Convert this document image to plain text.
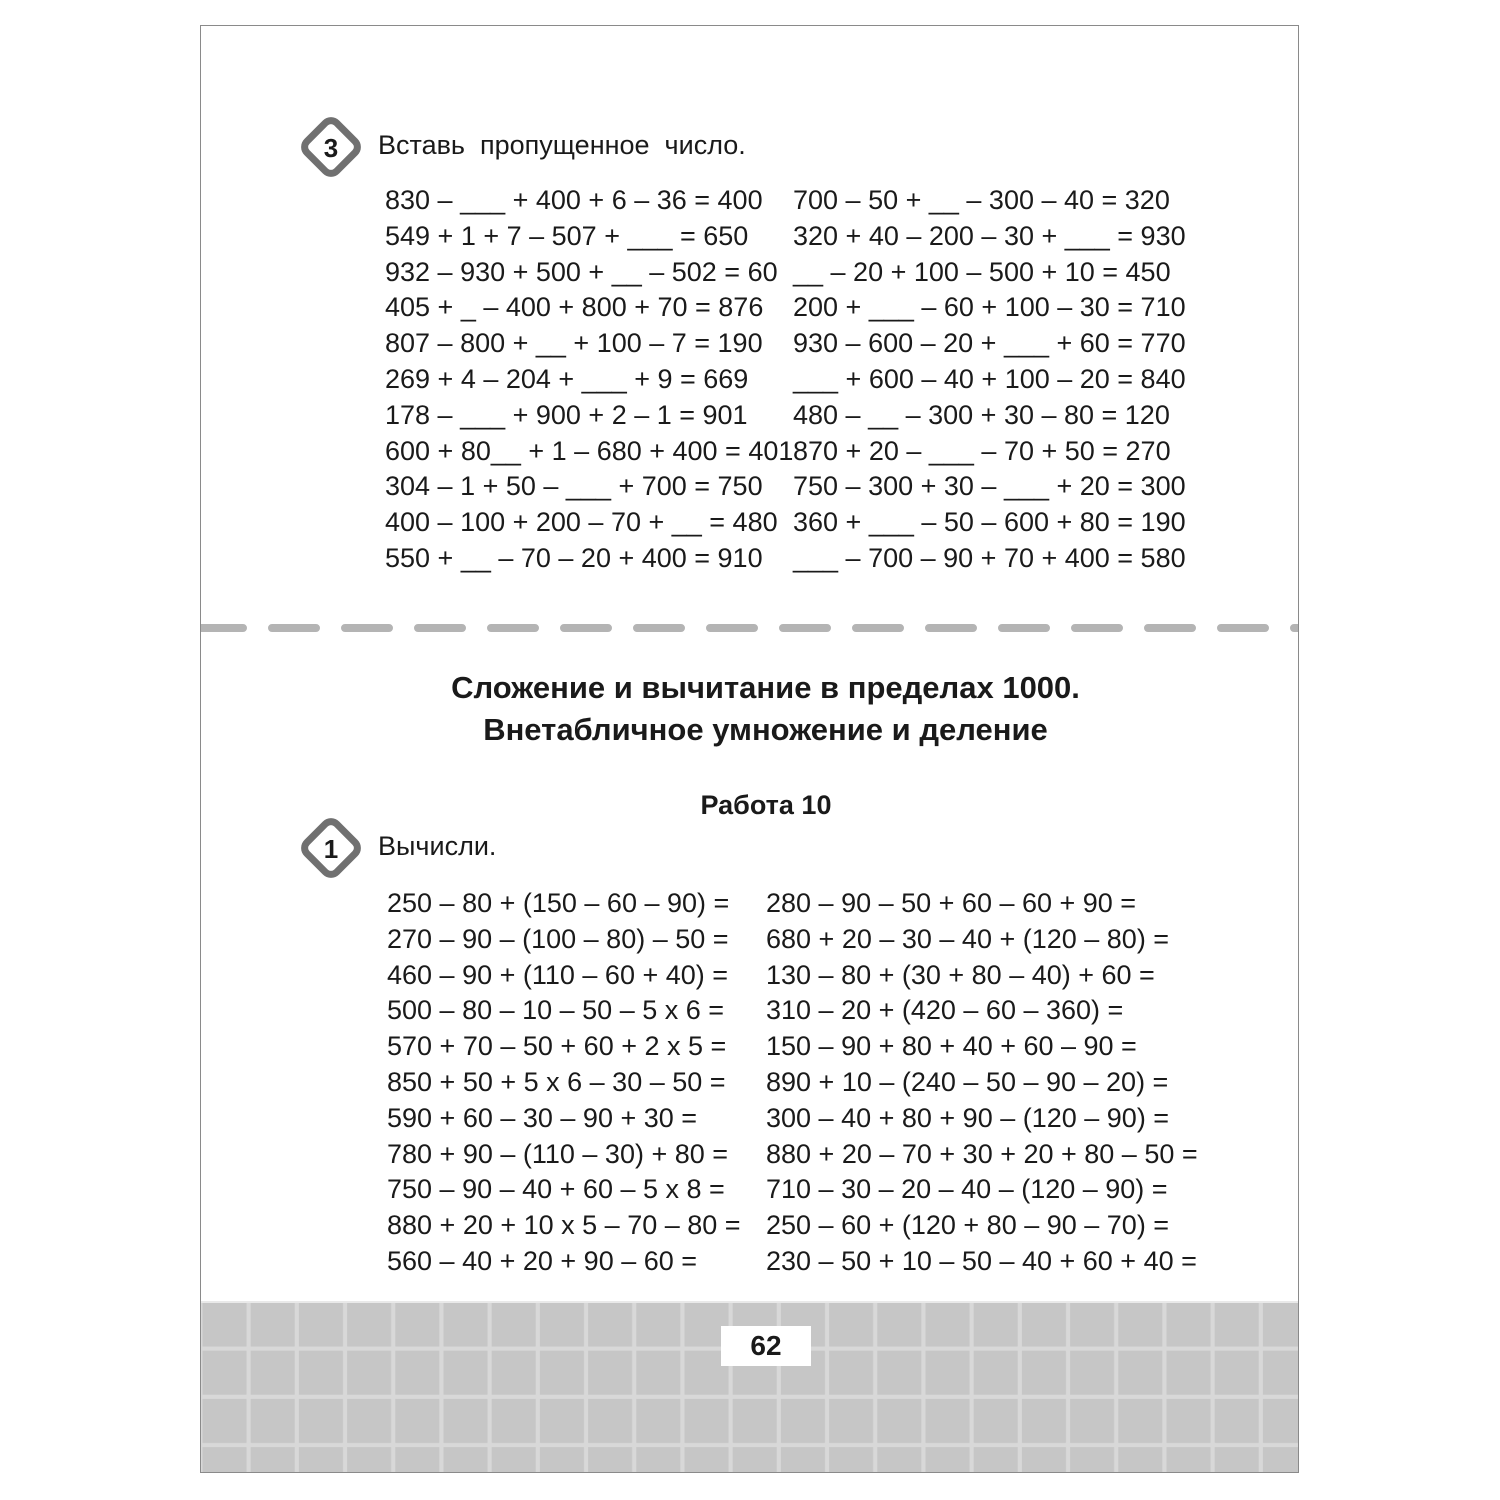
3 Вставь  пропущенное  число.
830 – ___ + 400 + 6 – 36 = 400
549 + 1 + 7 – 507 + ___ = 650
932 – 930 + 500 + __ – 502 = 60
405 + _ – 400 + 800 + 70 = 876
807 – 800 + __ + 100 – 7 = 190
269 + 4 – 204 + ___ + 9 = 669
178 – ___ + 900 + 2 – 1 = 901
600 + 80__ + 1 – 680 + 400 = 401
304 – 1 + 50 – ___ + 700 = 750
400 – 100 + 200 – 70 + __ = 480
550 + __ – 70 – 20 + 400 = 910
700 – 50 + __ – 300 – 40 = 320
320 + 40 – 200 – 30 + ___ = 930
__ – 20 + 100 – 500 + 10 = 450
200 + ___ – 60 + 100 – 30 = 710
930 – 600 – 20 + ___ + 60 = 770
___ + 600 – 40 + 100 – 20 = 840
480 – __ – 300 + 30 – 80 = 120
870 + 20 – ___ – 70 + 50 = 270
750 – 300 + 30 – ___ + 20 = 300
360 + ___ – 50 – 600 + 80 = 190
___ – 700 – 90 + 70 + 400 = 580
Сложение и вычитание в пределах 1000.
Внетабличное умножение и деление
Работа 10
1 Вычисли.
250 – 80 + (150 – 60 – 90) =
270 – 90 – (100 – 80) – 50 =
460 – 90 + (110 – 60 + 40) =
500 – 80 – 10 – 50 – 5 x 6 =
570 + 70 – 50 + 60 + 2 x 5 =
850 + 50 + 5 x 6 – 30 – 50 =
590 + 60 – 30 – 90 + 30 =
780 + 90 – (110 – 30) + 80 =
750 – 90 – 40 + 60 – 5 x 8 =
880 + 20 + 10 x 5 – 70 – 80 =
560 – 40 + 20 + 90 – 60 =
280 – 90 – 50 + 60 – 60 + 90 =
680 + 20 – 30 – 40 + (120 – 80) =
130 – 80 + (30 + 80 – 40) + 60 =
310 – 20 + (420 – 60 – 360) =
150 – 90 + 80 + 40 + 60 – 90 =
890 + 10 – (240 – 50 – 90 – 20) =
300 – 40 + 80 + 90 – (120 – 90) =
880 + 20 – 70 + 30 + 20 + 80 – 50 =
710 – 30 – 20 – 40 – (120 – 90) =
250 – 60 + (120 + 80 – 90 – 70) =
230 – 50 + 10 – 50 – 40 + 60 + 40 =
62
